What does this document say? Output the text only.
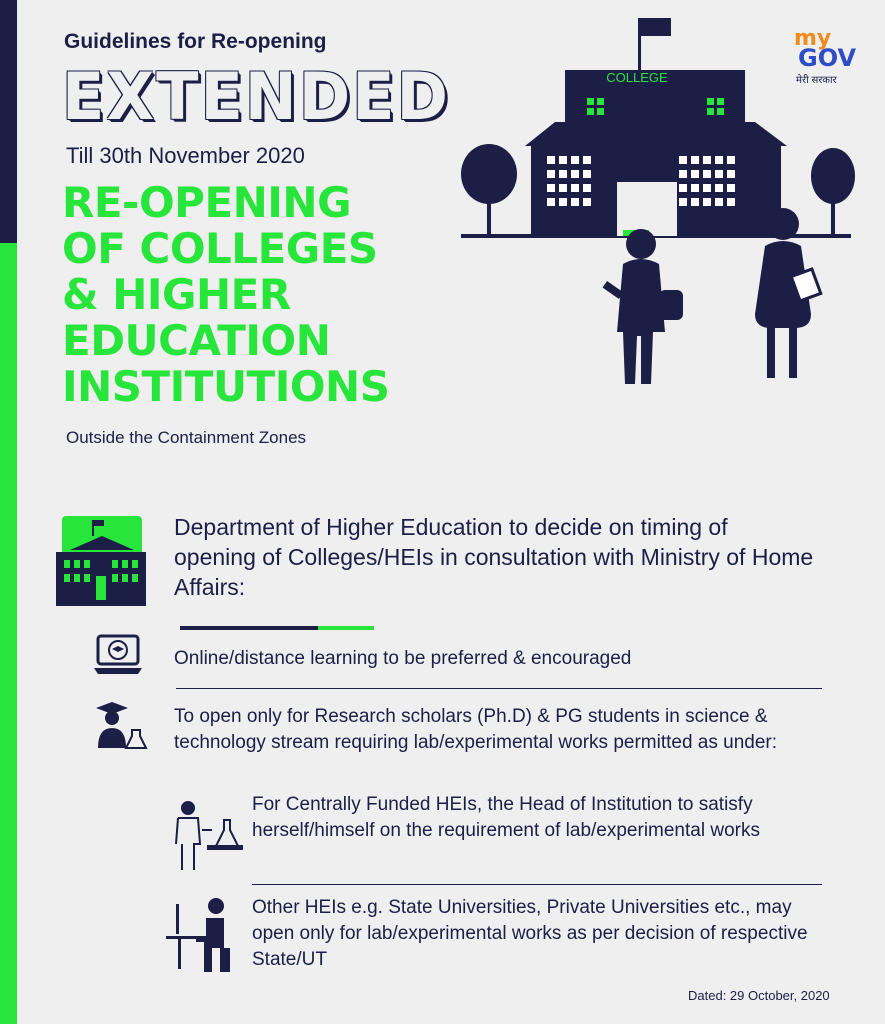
Guidelines for Re-opening
EXTENDED
Till 30th November 2020
RE-OPENING
OF COLLEGES
& HIGHER
EDUCATION
INSTITUTIONS
Outside the Containment Zones
my
GOV
मेरी सरकार
COLLEGE
Department of Higher Education to decide on timing of opening of Colleges/HEIs in consultation with Ministry of Home Affairs:
Online/distance learning to be preferred & encouraged
To open only for Research scholars (Ph.D) & PG students in science & technology stream requiring lab/experimental works permitted as under:
For Centrally Funded HEIs, the Head of Institution to satisfy herself/himself on the requirement of lab/experimental works
Other HEIs e.g. State Universities, Private Universities etc., may open only for lab/experimental works as per decision of respective State/UT
Dated: 29 October, 2020
